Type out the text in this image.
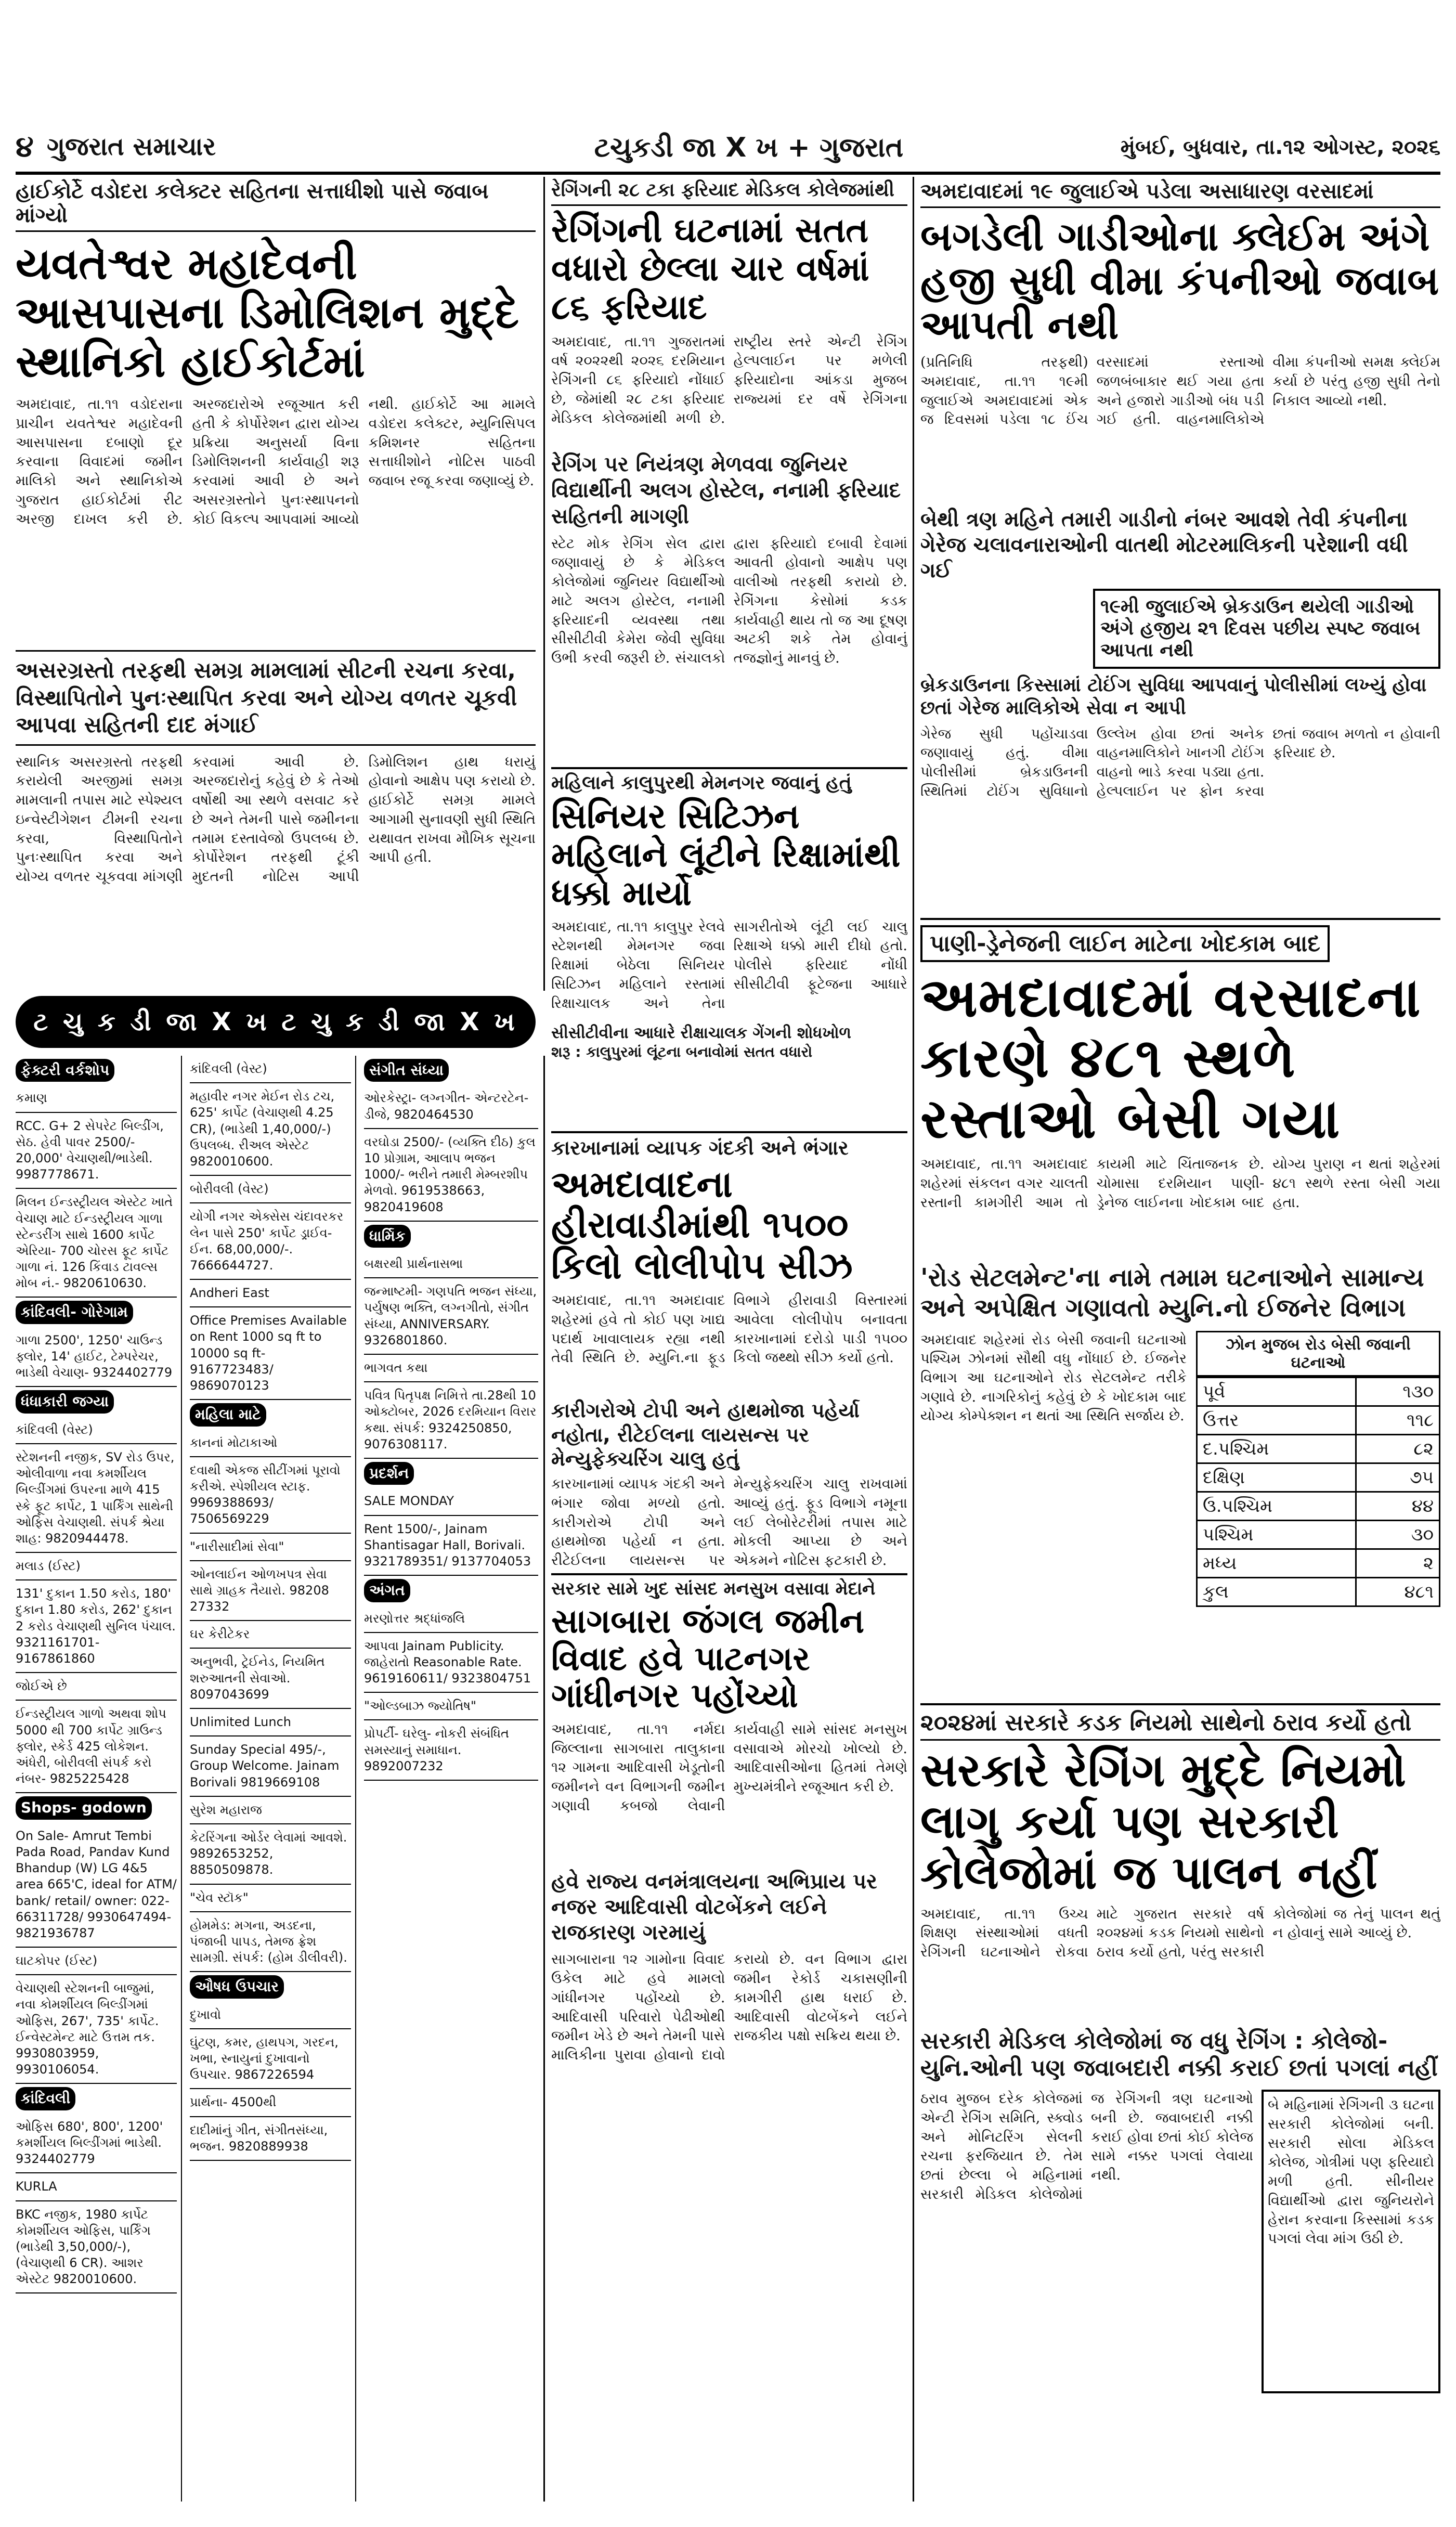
૪ ગુજરાત સમાચાર	ટચુકડી જા X ખ + ગુજરાત	મુંબઈ, બુધવાર, તા.૧૨ ઓગસ્ટ, ૨૦૨૬
હાઈકોર્ટે વડોદરા કલેક્ટર સહિતના સત્તાધીશો પાસે જવાબ માંગ્યો
યવતેશ્વર મહાદેવની આસપાસના ડિમોલિશન મુદ્દે સ્થાનિકો હાઈકોર્ટમાં
અમદાવાદ, તા.૧૧ વડોદરાના પ્રાચીન યવતેશ્વર મહાદેવની આસપાસના દબાણો દૂર કરવાના વિવાદમાં જમીન માલિકો અને સ્થાનિકોએ ગુજરાત હાઈકોર્ટમાં રીટ અરજી દાખલ કરી છે. અરજદારોએ રજૂઆત કરી હતી કે કોર્પોરેશન દ્વારા યોગ્ય પ્રક્રિયા અનુસર્યા વિના ડિમોલિશનની કાર્યવાહી શરૂ કરવામાં આવી છે અને અસરગ્રસ્તોને પુનઃસ્થાપનનો કોઈ વિકલ્પ આપવામાં આવ્યો નથી. હાઈકોર્ટે આ મામલે વડોદરા કલેક્ટર, મ્યુનિસિપલ કમિશનર સહિતના સત્તાધીશોને નોટિસ પાઠવી જવાબ રજૂ કરવા જણાવ્યું છે.
અસરગ્રસ્તો તરફથી સમગ્ર મામલામાં સીટની રચના કરવા, વિસ્થાપિતોને પુનઃસ્થાપિત કરવા અને યોગ્ય વળતર ચૂકવી આપવા સહિતની દાદ મંગાઈ
સ્થાનિક અસરગ્રસ્તો તરફથી કરાયેલી અરજીમાં સમગ્ર મામલાની તપાસ માટે સ્પેશ્યલ ઇન્વેસ્ટીગેશન ટીમની રચના કરવા, વિસ્થાપિતોને પુનઃસ્થાપિત કરવા અને યોગ્ય વળતર ચૂકવવા માંગણી કરવામાં આવી છે. અરજદારોનું કહેવું છે કે તેઓ વર્ષોથી આ સ્થળે વસવાટ કરે છે અને તેમની પાસે જમીનના તમામ દસ્તાવેજો ઉપલબ્ધ છે. કોર્પોરેશન તરફથી ટૂંકી મુદતની નોટિસ આપી ડિમોલિશન હાથ ધરાયું હોવાનો આક્ષેપ પણ કરાયો છે. હાઈકોર્ટે સમગ્ર મામલે આગામી સુનાવણી સુધી સ્થિતિ યથાવત રાખવા મૌખિક સૂચના આપી હતી.
રેગિંગની ૨૮ ટકા ફરિયાદ મેડિકલ કોલેજમાંથી
રેગિંગની ઘટનામાં સતત વધારો છેલ્લા ચાર વર્ષમાં ૮૬ ફરિયાદ
અમદાવાદ, તા.૧૧ ગુજરાતમાં વર્ષ ૨૦૨૨થી ૨૦૨૬ દરમિયાન રેગિંગની ૮૬ ફરિયાદો નોંધાઈ છે, જેમાંથી ૨૮ ટકા ફરિયાદ મેડિકલ કોલેજમાંથી મળી છે. રાષ્ટ્રીય સ્તરે એન્ટી રેગિંગ હેલ્પલાઈન પર મળેલી ફરિયાદોના આંકડા મુજબ રાજ્યમાં દર વર્ષે રેગિંગના
રેગિંગ પર નિયંત્રણ મેળવવા જુનિયર વિદ્યાર્થીની અલગ હોસ્ટેલ, નનામી ફરિયાદ સહિતની માગણી
સ્ટેટ મોક રેગિંગ સેલ દ્વારા જણાવાયું છે કે મેડિકલ કોલેજોમાં જુનિયર વિદ્યાર્થીઓ માટે અલગ હોસ્ટેલ, નનામી ફરિયાદની વ્યવસ્થા તથા સીસીટીવી કેમેરા જેવી સુવિધા ઉભી કરવી જરૂરી છે. સંચાલકો દ્વારા ફરિયાદો દબાવી દેવામાં આવતી હોવાનો આક્ષેપ પણ વાલીઓ તરફથી કરાયો છે. રેગિંગના કેસોમાં કડક કાર્યવાહી થાય તો જ આ દૂષણ અટકી શકે તેમ હોવાનું તજજ્ઞોનું માનવું છે.
મહિલાને કાલુપુરથી મેમનગર જવાનું હતું
સિનિયર સિટિઝન મહિલાને લૂંટીને રિક્ષામાંથી ધક્કો માર્યો
અમદાવાદ, તા.૧૧ કાલુપુર રેલવે સ્ટેશનથી મેમનગર જવા રિક્ષામાં બેઠેલા સિનિયર સિટિઝન મહિલાને રસ્તામાં રિક્ષાચાલક અને તેના સાગરીતોએ લૂંટી લઈ ચાલુ રિક્ષાએ ધક્કો મારી દીધો હતો. પોલીસે ફરિયાદ નોંધી સીસીટીવી ફૂટેજના આધારે
સીસીટીવીના આધારે રીક્ષાચાલક ગેંગની શોધખોળ
શરૂ : કાલુપુરમાં લૂંટના બનાવોમાં સતત વધારો
કારખાનામાં વ્યાપક ગંદકી અને ભંગાર
અમદાવાદના હીરાવાડીમાંથી ૧૫૦૦ કિલો લોલીપોપ સીઝ
અમદાવાદ, તા.૧૧ અમદાવાદ શહેરમાં હવે તો કોઈ પણ ખાદ્ય પદાર્થ ખાવાલાયક રહ્યા નથી તેવી સ્થિતિ છે. મ્યુનિ.ના ફૂડ વિભાગે હીરાવાડી વિસ્તારમાં આવેલા લોલીપોપ બનાવતા કારખાનામાં દરોડો પાડી ૧૫૦૦ કિલો જથ્થો સીઝ કર્યો હતો.
કારીગરોએ ટોપી અને હાથમોજા પહેર્યા નહોતા, રીટેઈલના લાયસન્સ પર મેન્યુફેક્ચરિંગ ચાલુ હતું
કારખાનામાં વ્યાપક ગંદકી અને ભંગાર જોવા મળ્યો હતો. કારીગરોએ ટોપી અને હાથમોજા પહેર્યા ન હતા. રીટેઈલના લાયસન્સ પર મેન્યુફેક્ચરિંગ ચાલુ રાખવામાં આવ્યું હતું. ફૂડ વિભાગે નમૂના લઈ લેબોરેટરીમાં તપાસ માટે મોકલી આપ્યા છે અને એકમને નોટિસ ફટકારી છે.
સરકાર સામે ખુદ સાંસદ મનસુખ વસાવા મેદાને
સાગબારા જંગલ જમીન વિવાદ હવે પાટનગર ગાંધીનગર પહોંચ્યો
અમદાવાદ, તા.૧૧ નર્મદા જિલ્લાના સાગબારા તાલુકાના ૧૨ ગામના આદિવાસી ખેડૂતોની જમીનને વન વિભાગની જમીન ગણાવી કબજો લેવાની કાર્યવાહી સામે સાંસદ મનસુખ વસાવાએ મોરચો ખોલ્યો છે. આદિવાસીઓના હિતમાં તેમણે મુખ્યમંત્રીને રજૂઆત કરી છે.
હવે રાજ્ય વનમંત્રાલયના અભિપ્રાય પર નજર આદિવાસી વોટબેંકને લઈને રાજકારણ ગરમાયું
સાગબારાના ૧૨ ગામોના વિવાદ ઉકેલ માટે હવે મામલો ગાંધીનગર પહોંચ્યો છે. આદિવાસી પરિવારો પેઢીઓથી જમીન ખેડે છે અને તેમની પાસે માલિકીના પુરાવા હોવાનો દાવો કરાયો છે. વન વિભાગ દ્વારા જમીન રેકોર્ડ ચકાસણીની કામગીરી હાથ ધરાઈ છે. આદિવાસી વોટબેંકને લઈને રાજકીય પક્ષો સક્રિય થયા છે.
અમદાવાદમાં ૧૯ જુલાઈએ પડેલા અસાધારણ વરસાદમાં
બગડેલી ગાડીઓના ક્લેઈમ અંગે હજી સુધી વીમા કંપનીઓ જવાબ આપતી નથી
(પ્રતિનિધિ તરફથી) અમદાવાદ, તા.૧૧ ૧૯મી જુલાઈએ અમદાવાદમાં એક જ દિવસમાં પડેલા ૧૮ ઈંચ વરસાદમાં રસ્તાઓ જળબંબાકાર થઈ ગયા હતા અને હજારો ગાડીઓ બંધ પડી ગઈ હતી. વાહનમાલિકોએ વીમા કંપનીઓ સમક્ષ ક્લેઈમ કર્યા છે પરંતુ હજી સુધી તેનો નિકાલ આવ્યો નથી.
બેથી ત્રણ મહિને તમારી ગાડીનો નંબર આવશે તેવી કંપનીના ગેરેજ ચલાવનારાઓની વાતથી મોટરમાલિકની પરેશાની વધી ગઈ
૧૯મી જુલાઈએ બ્રેકડાઉન થયેલી ગાડીઓ અંગે હજીય ૨૧ દિવસ પછીય સ્પષ્ટ જવાબ આપતા નથી
બ્રેકડાઉનના કિસ્સામાં ટોઈંગ સુવિધા આપવાનું પોલીસીમાં લખ્યું હોવા છતાં ગેરેજ માલિકોએ સેવા ન આપી
ગેરેજ સુધી પહોંચાડવા જણાવાયું હતું. વીમા પોલીસીમાં બ્રેકડાઉનની સ્થિતિમાં ટોઈંગ સુવિધાનો ઉલ્લેખ હોવા છતાં અનેક વાહનમાલિકોને ખાનગી ટોઈંગ વાહનો ભાડે કરવા પડ્યા હતા. હેલ્પલાઈન પર ફોન કરવા છતાં જવાબ મળતો ન હોવાની ફરિયાદ છે.
પાણી-ડ્રેનેજની લાઈન માટેના ખોદકામ બાદ
અમદાવાદમાં વરસાદના કારણે ૪૮૧ સ્થળે રસ્તાઓ બેસી ગયા
અમદાવાદ, તા.૧૧ અમદાવાદ શહેરમાં સંકલન વગર ચાલતી રસ્તાની કામગીરી આમ તો કાયમી માટે ચિંતાજનક છે. ચોમાસા દરમિયાન પાણી-ડ્રેનેજ લાઈનના ખોદકામ બાદ યોગ્ય પુરાણ ન થતાં શહેરમાં ૪૮૧ સ્થળે રસ્તા બેસી ગયા હતા.
'રોડ સેટલમેન્ટ'ના નામે તમામ ઘટનાઓને સામાન્ય અને અપેક્ષિત ગણાવતો મ્યુનિ.નો ઈજનેર વિભાગ
અમદાવાદ શહેરમાં રોડ બેસી જવાની ઘટનાઓ પશ્ચિમ ઝોનમાં સૌથી વધુ નોંધાઈ છે. ઈજનેર વિભાગ આ ઘટનાઓને રોડ સેટલમેન્ટ તરીકે ગણાવે છે. નાગરિકોનું કહેવું છે કે ખોદકામ બાદ યોગ્ય કોમ્પેક્શન ન થતાં આ સ્થિતિ સર્જાય છે.
ઝોન મુજબ રોડ બેસી જવાની ઘટનાઓ
પૂર્વ	૧૩૦
ઉત્તર	૧૧૮
દ.પશ્ચિમ	૮૨
દક્ષિણ	૭૫
ઉ.પશ્ચિમ	૪૪
પશ્ચિમ	૩૦
મધ્ય	૨
કુલ	૪૮૧
૨૦૨૪માં સરકારે કડક નિયમો સાથેનો ઠરાવ કર્યો હતો
સરકારે રેગિંગ મુદ્દે નિયમો લાગુ કર્યા પણ સરકારી કોલેજોમાં જ પાલન નહીં
અમદાવાદ, તા.૧૧ ઉચ્ચ શિક્ષણ સંસ્થાઓમાં વધતી રેગિંગની ઘટનાઓને રોકવા માટે ગુજરાત સરકારે વર્ષ ૨૦૨૪માં કડક નિયમો સાથેનો ઠરાવ કર્યો હતો, પરંતુ સરકારી કોલેજોમાં જ તેનું પાલન થતું ન હોવાનું સામે આવ્યું છે.
સરકારી મેડિકલ કોલેજોમાં જ વધુ રેગિંગ : કોલેજો-યુનિ.ઓની પણ જવાબદારી નક્કી કરાઈ છતાં પગલાં નહીં
ઠરાવ મુજબ દરેક કોલેજમાં એન્ટી રેગિંગ સમિતિ, સ્ક્વોડ અને મોનિટરિંગ સેલની રચના ફરજિયાત છે. તેમ છતાં છેલ્લા બે મહિનામાં સરકારી મેડિકલ કોલેજોમાં જ રેગિંગની ત્રણ ઘટનાઓ બની છે. જવાબદારી નક્કી કરાઈ હોવા છતાં કોઈ કોલેજ સામે નક્કર પગલાં લેવાયા નથી.
બે મહિનામાં રેગિંગની ૩ ઘટના સરકારી કોલેજોમાં બની. સરકારી સોલા મેડિકલ કોલેજ, ગોત્રીમાં પણ ફરિયાદો મળી હતી. સીનીયર વિદ્યાર્થીઓ દ્વારા જુનિયરોને હેરાન કરવાના કિસ્સામાં કડક પગલાં લેવા માંગ ઉઠી છે.
ટ ચુ ક ડી જા X ખ ટ ચુ ક ડી જા X ખ
ફેક્ટરી વર્કશોપ
કમાણ
RCC. G+ 2 સેપરેટ બિલ્ડીંગ, સેઠ. હેવી પાવર 2500/- 20,000' વેચાણથી/ભાડેથી. 9987778671.
મિલન ઈન્ડસ્ટ્રીયલ એસ્ટેટ ખાતે વેચાણ માટે ઈન્ડસ્ટ્રીયલ ગાળા સ્ટેન્ડરીંગ સાથે 1600 કાર્પેટ એરિયા- 700 ચોરસ ફૂટ કાર્પેટ ગાળા નં. 126 કિંવાડ ટાવલ્સ મોબ નં.- 9820610630.
કાંદિવલી- ગોરેગામ
ગાળા 2500', 1250' ચાઉન્ડ ફ્લોર, 14' હાઈટ, ટેમ્પરેચર, ભાડેથી વેચાણ- 9324402779
ધંધાકારી જગ્યા
કાંદિવલી (વેસ્ટ)
સ્ટેશનની નજીક, SV રોડ ઉપર, ઓલીવાળા નવા કમર્શીયલ બિલ્ડીંગમાં ઉપરના માળે 415 સ્કે ફૂટ કાર્પેટ, 1 પાર્કિંગ સાથેની ઓફિસ વેચાણથી. સંપર્ક શ્રેયા શાહ: 9820944478.
મલાડ (ઈસ્ટ)
131' દુકાન 1.50 કરોડ, 180' દુકાન 1.80 કરોડ, 262' દુકાન 2 કરોડ વેચાણથી સુનિલ પંચાલ. 9321161701- 9167861860
જોઈએ છે
ઈન્ડસ્ટ્રીયલ ગાળો અથવા શોપ 5000 થી 700 કાર્પેટ ગ્રાઉન્ડ ફ્લોર, સ્કેર્ડ 425 લોકેશન. અંધેરી, બોરીવલી સંપર્ક કરો નંબર- 9825225428
Shops- godown
On Sale- Amrut Tembi Pada Road, Pandav Kund Bhandup (W) LG 4&5 area 665'C, ideal for ATM/ bank/ retail/ owner: 022-66311728/ 9930647494- 9821936787
ઘાટકોપર (ઈસ્ટ)
વેચાણથી સ્ટેશનની બાજુમાં, નવા કોમર્શીયલ બિલ્ડીંગમાં ઓફિસ, 267', 735' કાર્પેટ. ઈન્વેસ્ટમેન્ટ માટે ઉત્તમ તક. 9930803959, 9930106054.
કાંદિવલી
ઓફિસ 680', 800', 1200' કમર્શીયલ બિલ્ડીંગમાં ભાડેથી. 9324402779
KURLA
BKC નજીક, 1980 કાર્પેટ કોમર્શીયલ ઓફિસ, પાર્કિંગ (ભાડેથી 3,50,000/-), (વેચાણથી 6 CR). આશર એસ્ટેટ 9820010600.
કાંદિવલી (વેસ્ટ)
મહાવીર નગર મેઈન રોડ ટચ, 625' કાર્પેટ (વેચાણથી 4.25 CR), (ભાડેથી 1,40,000/-) ઉપલબ્ધ. રીઅલ એસ્ટેટ 9820010600.
બોરીવલી (વેસ્ટ)
યોગી નગર એક્સેસ ચંદાવરકર લેન પાસે 250' કાર્પેટ ડ્રાઈવ- ઈન. 68,00,000/-. 7666644727.
Andheri East
Office Premises Available on Rent 1000 sq ft to 10000 sq ft- 9167723483/ 9869070123
મહિલા માટે
કાનનાં મોટાકાઓ
દવાથી એકજ સીટીંગમાં પૂરાવો કરીએ. સ્પેશીયલ સ્ટાફ. 9969388693/ 7506569229
"નારીસાદીમાં સેવા"
ઓનલાઈન ઓળખપત્ર સેવા સાથે ગ્રાહક તૈયારો. 98208 27332
ઘર કેરીટેકર
અનુભવી, ટ્રેઈનેડ, નિયમિત શરુઆતની સેવાઓ. 8097043699
Unlimited Lunch
Sunday Special 495/-, Group Welcome. Jainam Borivali 9819669108
સુરેશ મહારાજ
કેટરિંગના ઓર્ડર લેવામાં આવશે. 9892653252, 8850509878.
"ચેવ સ્ટૉક"
હોમમેડ: મગના, અડદના, પંજાબી પાપડ, તેમજ ફ્રેશ સામગ્રી. સંપર્ક: (હોમ ડીલીવરી).
ઔષધ ઉપચાર
દુખાવો
ઘુંટણ, કમર, હાથપગ, ગરદન, ખભા, સ્નાયુનાં દુખાવાનો ઉપચાર. 9867226594
પ્રાર્થના- 4500થી
દાદીમાંનું ગીત, સંગીતસંધ્યા, ભજન. 9820889938
સંગીત સંધ્યા
ઓરકેસ્ટ્રા- લગ્નગીત- એન્ટરટેન- ડીજે, 9820464530
વરઘોડા 2500/- (વ્યક્તિ દીઠ) કુલ 10 પ્રોગ્રામ, આલાપ ભજન 1000/- ભરીને તમારી મેમ્બરશીપ મેળવો. 9619538663, 9820419608
ધાર્મિક
બક્ષરથી પ્રાર્થનાસભા
જન્માષ્ટમી- ગણપતિ ભજન સંધ્યા, પર્યુષણ ભક્તિ, લગ્નગીતો, સંગીત સંધ્યા, ANNIVERSARY. 9326801860.
ભાગવત કથા
પવિત્ર પિતૃપક્ષ નિમિત્તે તા.28થી 10 ઓક્ટોબર, 2026 દરમિયાન વિરાર કથા. સંપર્ક: 9324250850, 9076308117.
પ્રદર્શન
SALE MONDAY
Rent 1500/-, Jainam Shantisagar Hall, Borivali. 9321789351/ 9137704053
અંગત
મરણોત્તર શ્રદ્ધાંજલિ
આપવા Jainam Publicity. જાહેરાતો Reasonable Rate. 9619160611/ 9323804751
"ઓલ્ડબાઝ જ્યોતિષ"
પ્રોપર્ટી- ઘરેલુ- નોકરી સંબંધિત સમસ્યાનું સમાધાન. 9892007232
